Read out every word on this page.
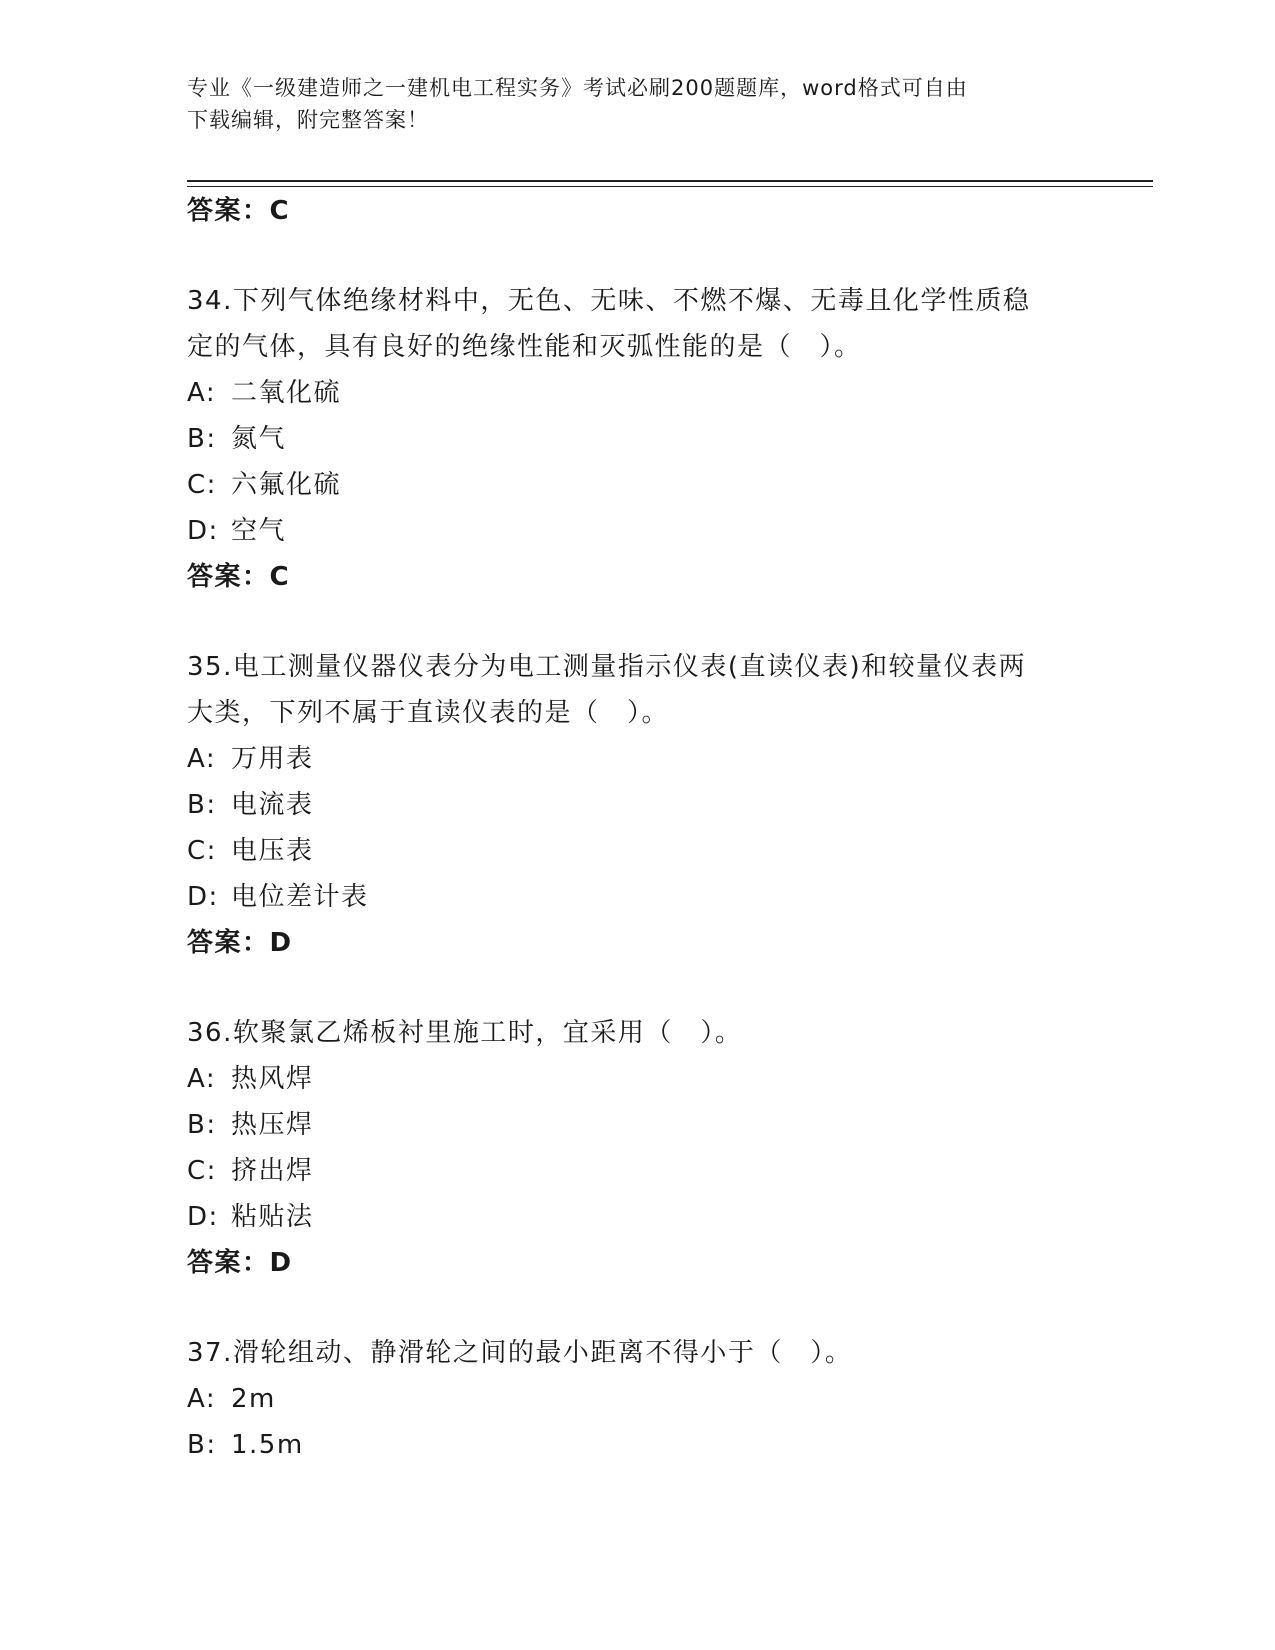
专业《一级建造师之一建机电工程实务》考试必刷200题题库，word格式可自由
下载编辑，附完整答案！
答案：C
34.下列气体绝缘材料中，无色、无味、不燃不爆、无毒且化学性质稳
定的气体，具有良好的绝缘性能和灭弧性能的是（　）。
A: 二氧化硫
B: 氮气
C: 六氟化硫
D: 空气
答案：C
35.电工测量仪器仪表分为电工测量指示仪表(直读仪表)和较量仪表两
大类，下列不属于直读仪表的是（　）。
A: 万用表
B: 电流表
C: 电压表
D: 电位差计表
答案：D
36.软聚氯乙烯板衬里施工时，宜采用（　）。
A: 热风焊
B: 热压焊
C: 挤出焊
D: 粘贴法
答案：D
37.滑轮组动、静滑轮之间的最小距离不得小于（　）。
A: 2m
B: 1.5m
